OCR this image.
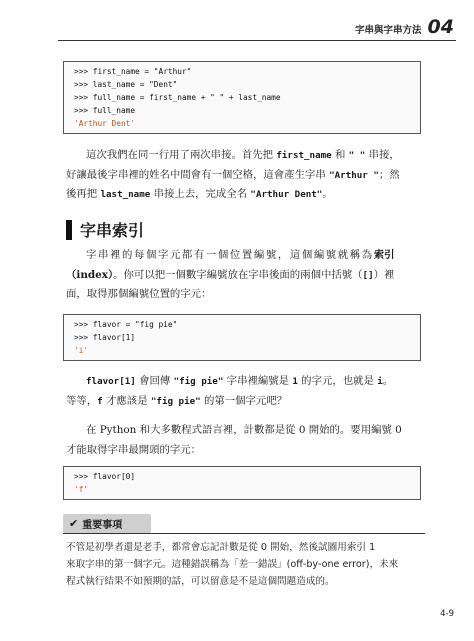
字串與字串方法 04
>>> first_name = "Arthur"
>>> last_name = "Dent"
>>> full_name = first_name + " " + last_name
>>> full_name
'Arthur Dent'
這次我們在同一行用了兩次串接。首先把 first_name 和 " " 串接，
好讓最後字串裡的姓名中間會有一個空格，這會產生字串 "Arthur "；然
後再把 last_name 串接上去，完成全名 "Arthur Dent"。
字串索引
字串裡的每個字元都有一個位置編號，這個編號就稱為索引
（index）。你可以把一個數字編號放在字串後面的兩個中括號（[]）裡
面，取得那個編號位置的字元：
>>> flavor = "fig pie"
>>> flavor[1]
'i'
flavor[1] 會回傳 "fig pie" 字串裡編號是 1 的字元，也就是 i。
等等，f 才應該是 "fig pie" 的第一個字元吧？
在 Python 和大多數程式語言裡，計數都是從 0 開始的。要用編號 0
才能取得字串最開頭的字元：
>>> flavor[0]
'f'
✔ 重要事項
不管是初學者還是老手，都常會忘記計數是從 0 開始，然後試圖用索引 1
來取字串的第一個字元。這種錯誤稱為「差一錯誤」(off-by-one error)，未來
程式執行結果不如預期的話，可以留意是不是這個問題造成的。
4-9
